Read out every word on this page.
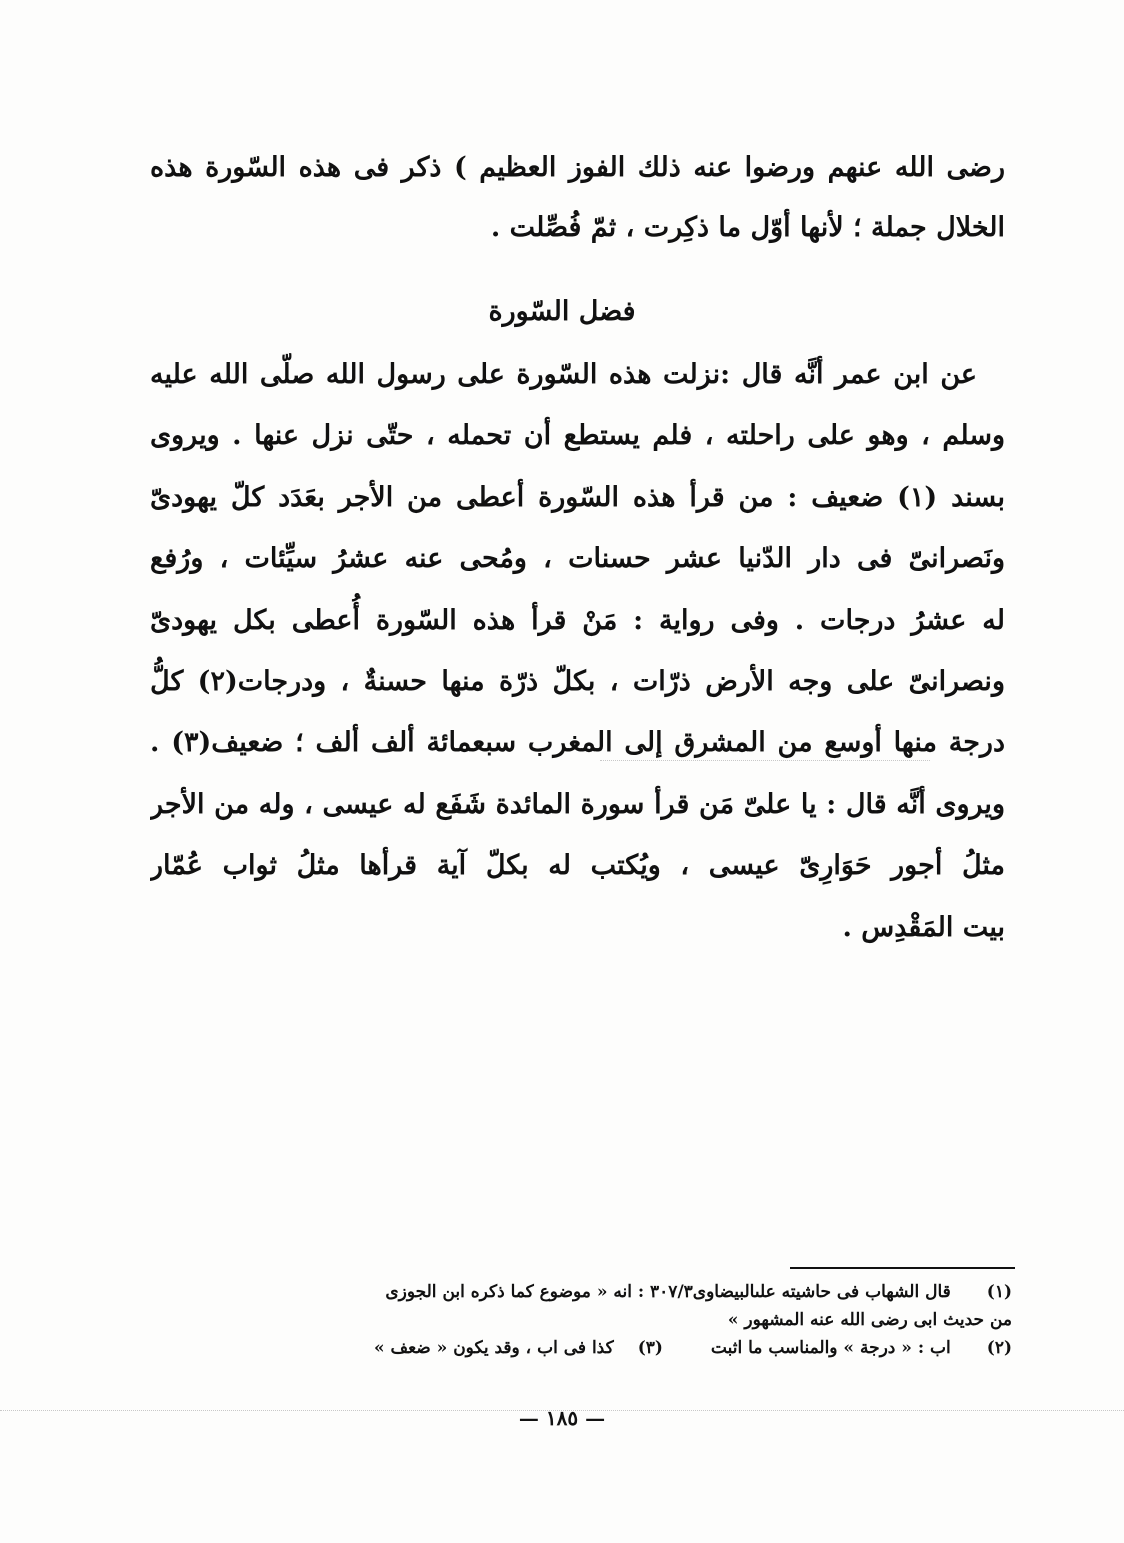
رضى الله عنهم ورضوا عنه ذلك الفوز العظيم ) ذكر فى هذه السّورة هذه
الخلال جملة ؛ لأنها أوّل ما ذكِرت ، ثمّ فُصِّلت .
فضل السّورة
عن ابن عمر أنَّه قال :نزلت هذه السّورة على رسول الله صلّى الله عليه
وسلم ، وهو على راحلته ، فلم يستطع أن تحمله ، حتّى نزل عنها . ويروى
بسند (١) ضعيف : من قرأ هذه السّورة أعطى من الأجر بعَدَد كلّ يهودىّ
ونَصرانىّ فى دار الدّنيا عشر حسنات ، ومُحى عنه عشرُ سيِّئات ، ورُفع
له عشرُ درجات . وفى رواية : مَنْ قرأ هذه السّورة أُعطى بكل يهودىّ
ونصرانىّ على وجه الأرض ذرّات ، بكلّ ذرّة منها حسنةٌ ، ودرجات(٢) كلُّ
درجة منها أوسع من المشرق إلى المغرب سبعمائة ألف ألف ؛ ضعيف(٣) .
ويروى أنَّه قال : يا علىّ مَن قرأ سورة المائدة شَفَع له عيسى ، وله من الأجر
مثلُ أجور حَوَارِىّ عيسى ، ويُكتب له بكلّ آية قرأها مثلُ ثواب عُمّار
بيت المَقْدِس .
(١)قال الشهاب فى حاشيته علىالبيضاوى٣٠٧/٣ : انه « موضوع كما ذكره ابن الجوزى
من حديث ابى رضى الله عنه المشهور »
(٢)اب : « درجة » والمناسب ما اثبت(٣)كذا فى اب ، وقد يكون « ضعف »
— ١٨٥ —
